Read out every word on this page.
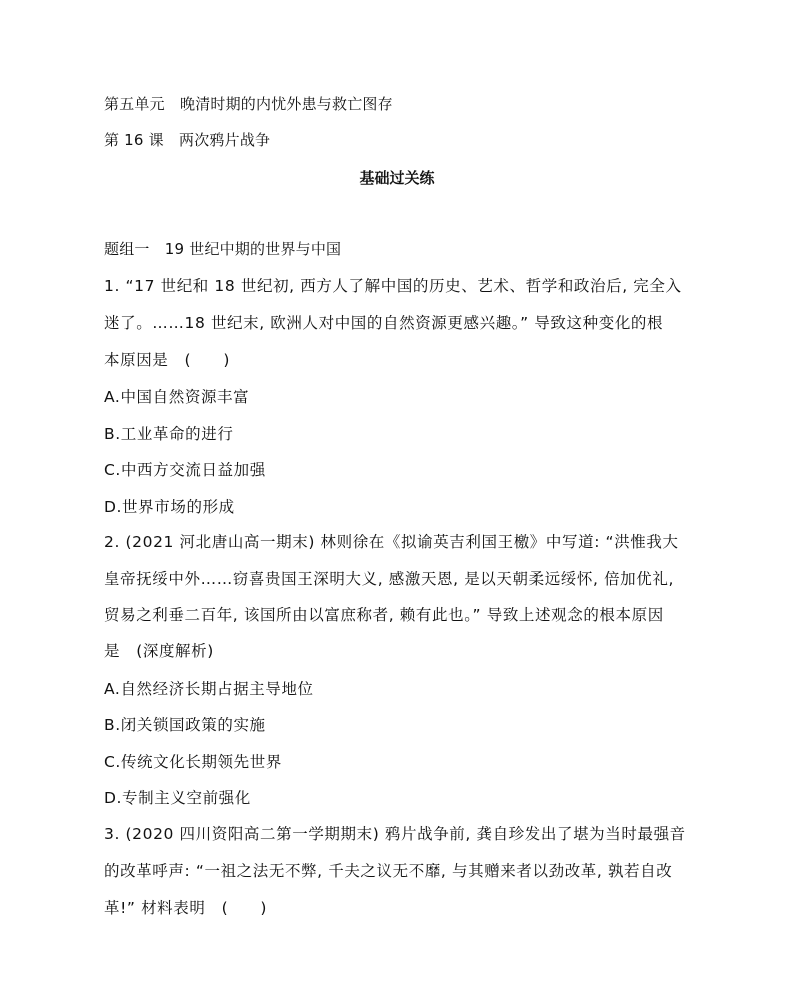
第五单元　晚清时期的内忧外患与救亡图存
第 16 课　两次鸦片战争
基础过关练
题组一　19 世纪中期的世界与中国
1. “17 世纪和 18 世纪初, 西方人了解中国的历史、艺术、哲学和政治后, 完全入
迷了。……18 世纪末, 欧洲人对中国的自然资源更感兴趣。” 导致这种变化的根
本原因是　(　　)
A.中国自然资源丰富
B.工业革命的进行
C.中西方交流日益加强
D.世界市场的形成
2. (2021 河北唐山高一期末) 林则徐在《拟谕英吉利国王檄》中写道: “洪惟我大
皇帝抚绥中外……窃喜贵国王深明大义, 感激天恩, 是以天朝柔远绥怀, 倍加优礼,
贸易之利垂二百年, 该国所由以富庶称者, 赖有此也。” 导致上述观念的根本原因
是　(深度解析)
A.自然经济长期占据主导地位
B.闭关锁国政策的实施
C.传统文化长期领先世界
D.专制主义空前强化
3. (2020 四川资阳高二第一学期期末) 鸦片战争前, 龚自珍发出了堪为当时最强音
的改革呼声: “一祖之法无不弊, 千夫之议无不靡, 与其赠来者以劲改革, 孰若自改
革!” 材料表明　(　　)
